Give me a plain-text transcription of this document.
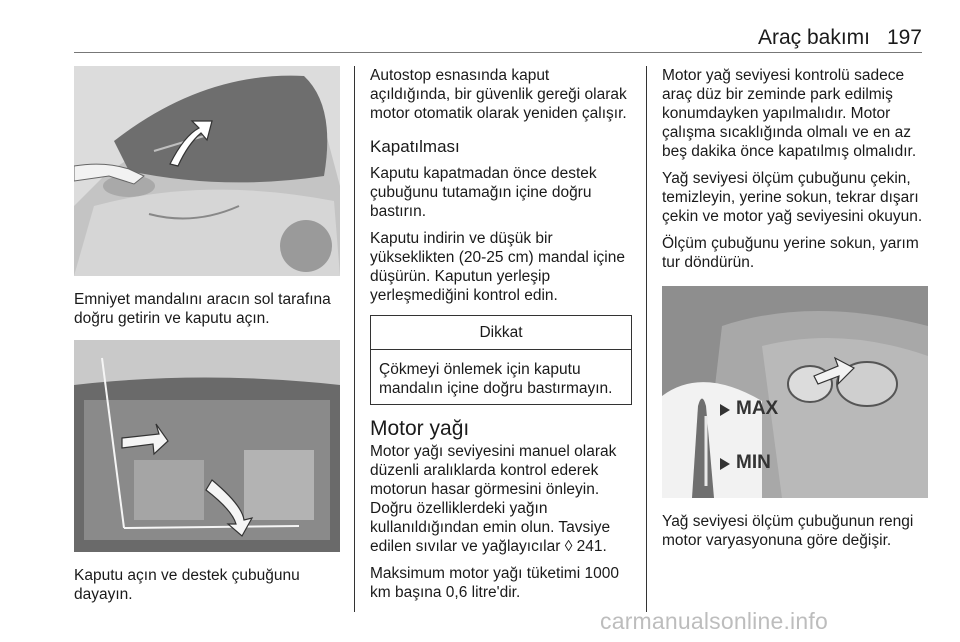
Araç bakımı 197

Emniyet mandalını aracın sol tarafına doğru getirin ve kaputu açın.

Kaputu açın ve destek çubuğunu dayayın.

Autostop esnasında kaput açıldığında, bir güvenlik gereği olarak motor otomatik olarak yeniden çalışır.

Kapatılması

Kaputu kapatmadan önce destek çubuğunu tutamağın içine doğru bastırın.

Kaputu indirin ve düşük bir yükseklikten (20-25 cm) mandal içine düşürün. Kaputun yerleşip yerleşmediğini kontrol edin.

Dikkat
Çökmeyi önlemek için kaputu mandalın içine doğru bastırmayın.
Motor yağı

Motor yağı seviyesini manuel olarak düzenli aralıklarda kontrol ederek motorun hasar görmesini önleyin. Doğru özelliklerdeki yağın kullanıldığından emin olun. Tavsiye edilen sıvılar ve yağlayıcılar ◊ 241.

Maksimum motor yağı tüketimi 1000 km başına 0,6 litre'dir.

Motor yağ seviyesi kontrolü sadece araç düz bir zeminde park edilmiş konumdayken yapılmalıdır. Motor çalışma sıcaklığında olmalı ve en az beş dakika önce kapatılmış olmalıdır.

Yağ seviyesi ölçüm çubuğunu çekin, temizleyin, yerine sokun, tekrar dışarı çekin ve motor yağ seviyesini okuyun.

Ölçüm çubuğunu yerine sokun, yarım tur döndürün.

MAX
MIN

Yağ seviyesi ölçüm çubuğunun rengi motor varyasyonuna göre değişir.

carmanualsonline.info
